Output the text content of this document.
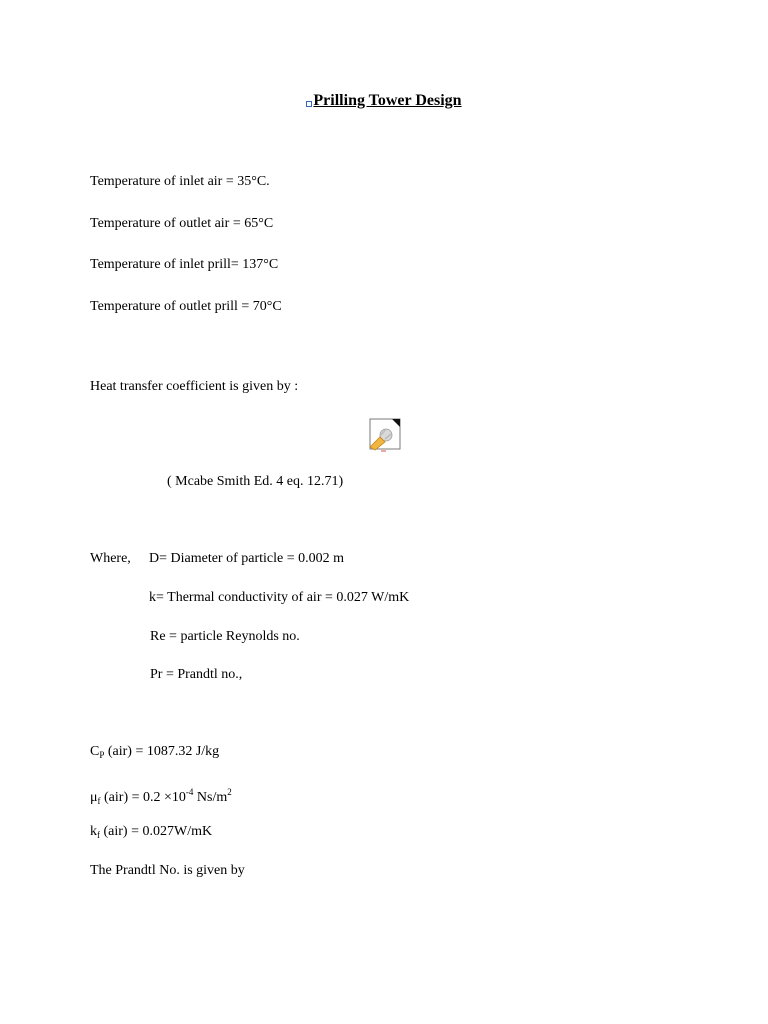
Prilling Tower Design
Temperature of inlet air = 35°C.
Temperature of outlet air = 65°C
Temperature of inlet prill= 137°C
Temperature of outlet prill = 70°C
Heat transfer coefficient is given by :
( Mcabe Smith Ed. 4 eq. 12.71)
Where, D= Diameter of particle = 0.002 m
k= Thermal conductivity of air = 0.027 W/mK
Re = particle Reynolds no.
Pr = Prandtl no.,
$C_P$ (air) = 1087.32 J/kg
$\mu_f$ $(air) = 0.2 \times 10^{-4}$ $Ns/m^2$
$k_f$ (air) = 0.027W/mK
The Prandtl No. is given by
